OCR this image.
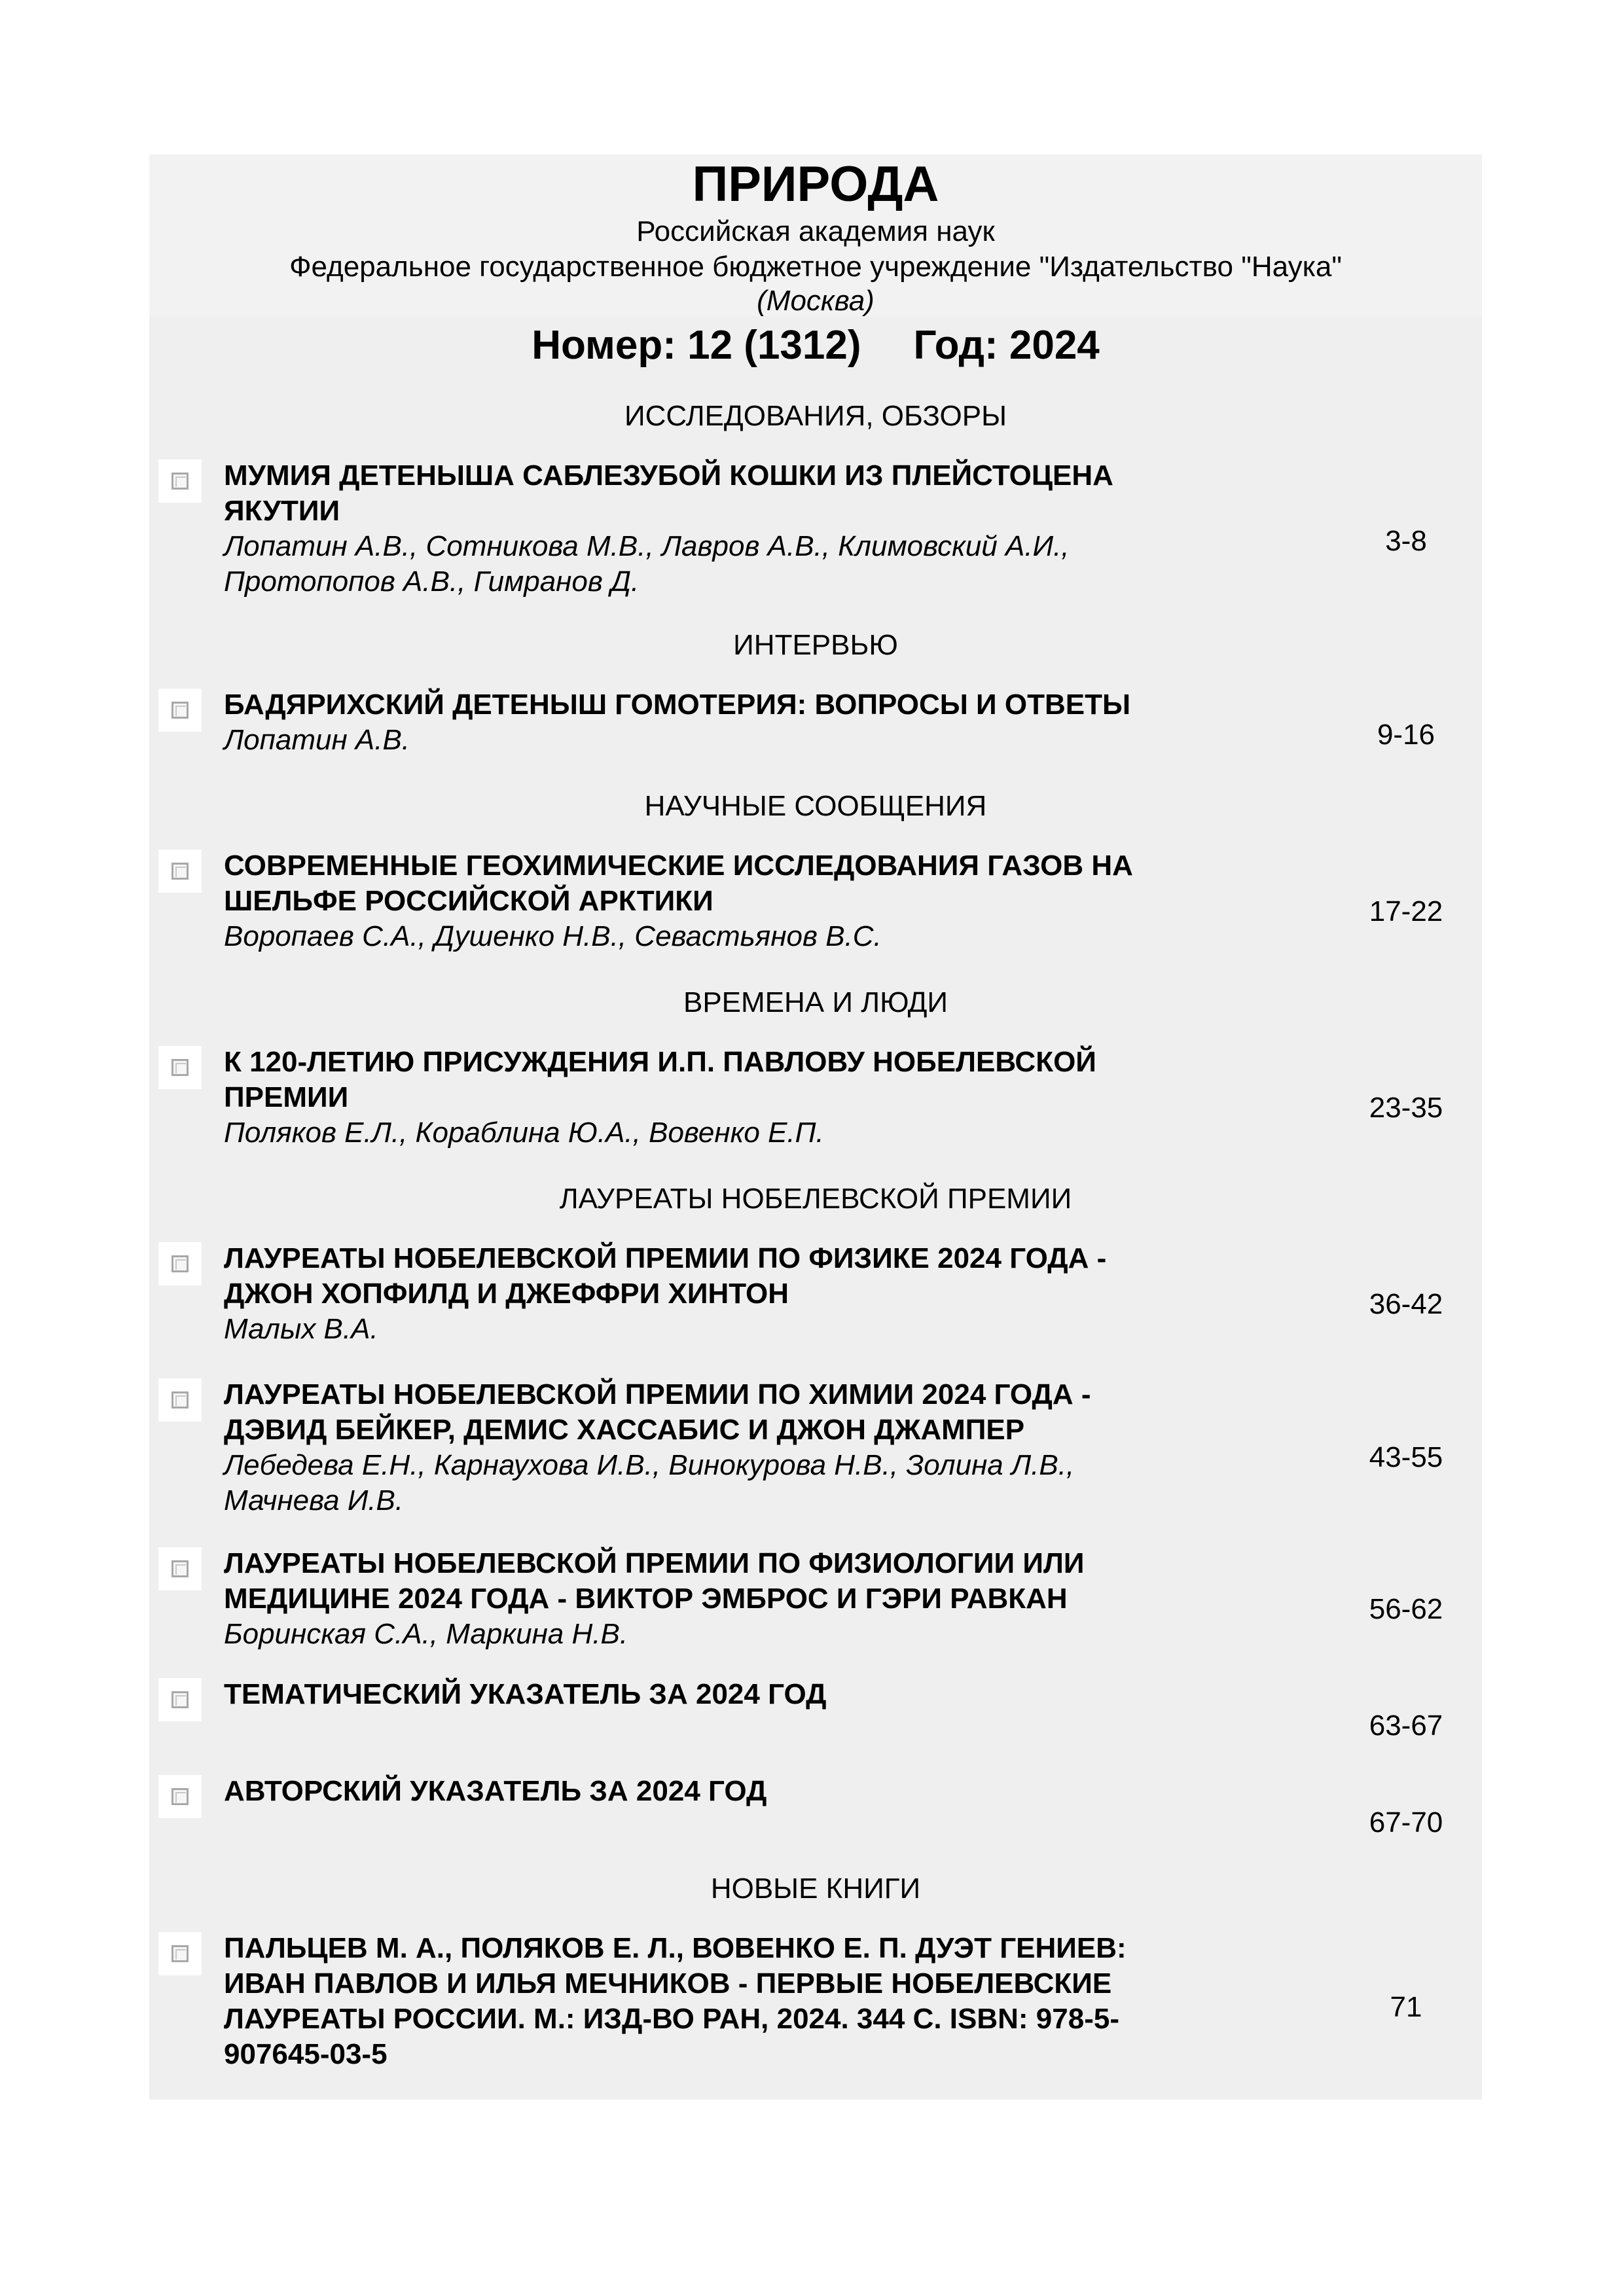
ПРИРОДА
Российская академия наук
Федеральное государственное бюджетное учреждение "Издательство "Наука"
(Москва)
Номер: 12 (1312) Год: 2024
ИССЛЕДОВАНИЯ, ОБЗОРЫ
МУМИЯ ДЕТЕНЫША САБЛЕЗУБОЙ КОШКИ ИЗ ПЛЕЙСТОЦЕНА
ЯКУТИИ
Лопатин А.В., Сотникова М.В., Лавров А.В., Климовский А.И.,
Протопопов А.В., Гимранов Д.
3-8
ИНТЕРВЬЮ
БАДЯРИХСКИЙ ДЕТЕНЫШ ГОМОТЕРИЯ: ВОПРОСЫ И ОТВЕТЫ
Лопатин А.В.	9-16
НАУЧНЫЕ СООБЩЕНИЯ
СОВРЕМЕННЫЕ ГЕОХИМИЧЕСКИЕ ИССЛЕДОВАНИЯ ГАЗОВ НА
ШЕЛЬФЕ РОССИЙСКОЙ АРКТИКИ
Воропаев С.А., Душенко Н.В., Севастьянов В.С.
17-22
ВРЕМЕНА И ЛЮДИ
К 120-ЛЕТИЮ ПРИСУЖДЕНИЯ И.П. ПАВЛОВУ НОБЕЛЕВСКОЙ
ПРЕМИИ
Поляков Е.Л., Кораблина Ю.А., Вовенко Е.П.
23-35
ЛАУРЕАТЫ НОБЕЛЕВСКОЙ ПРЕМИИ
ЛАУРЕАТЫ НОБЕЛЕВСКОЙ ПРЕМИИ ПО ФИЗИКЕ 2024 ГОДА -
ДЖОН ХОПФИЛД И ДЖЕФФРИ ХИНТОН
Малых В.А.
36-42
ЛАУРЕАТЫ НОБЕЛЕВСКОЙ ПРЕМИИ ПО ХИМИИ 2024 ГОДА -
ДЭВИД БЕЙКЕР, ДЕМИС ХАССАБИС И ДЖОН ДЖАМПЕР
Лебедева Е.Н., Карнаухова И.В., Винокурова Н.В., Золина Л.В.,
Мачнева И.В.
43-55
ЛАУРЕАТЫ НОБЕЛЕВСКОЙ ПРЕМИИ ПО ФИЗИОЛОГИИ ИЛИ
МЕДИЦИНЕ 2024 ГОДА - ВИКТОР ЭМБРОС И ГЭРИ РАВКАН
Боринская С.А., Маркина Н.В.
56-62
ТЕМАТИЧЕСКИЙ УКАЗАТЕЛЬ ЗА 2024 ГОД
63-67
АВТОРСКИЙ УКАЗАТЕЛЬ ЗА 2024 ГОД
67-70
НОВЫЕ КНИГИ
ПАЛЬЦЕВ М. А., ПОЛЯКОВ Е. Л., ВОВЕНКО Е. П. ДУЭТ ГЕНИЕВ:
ИВАН ПАВЛОВ И ИЛЬЯ МЕЧНИКОВ - ПЕРВЫЕ НОБЕЛЕВСКИЕ
ЛАУРЕАТЫ РОССИИ. М.: ИЗД-ВО РАН, 2024. 344 С. ISBN: 978-5-
907645-03-5
71
